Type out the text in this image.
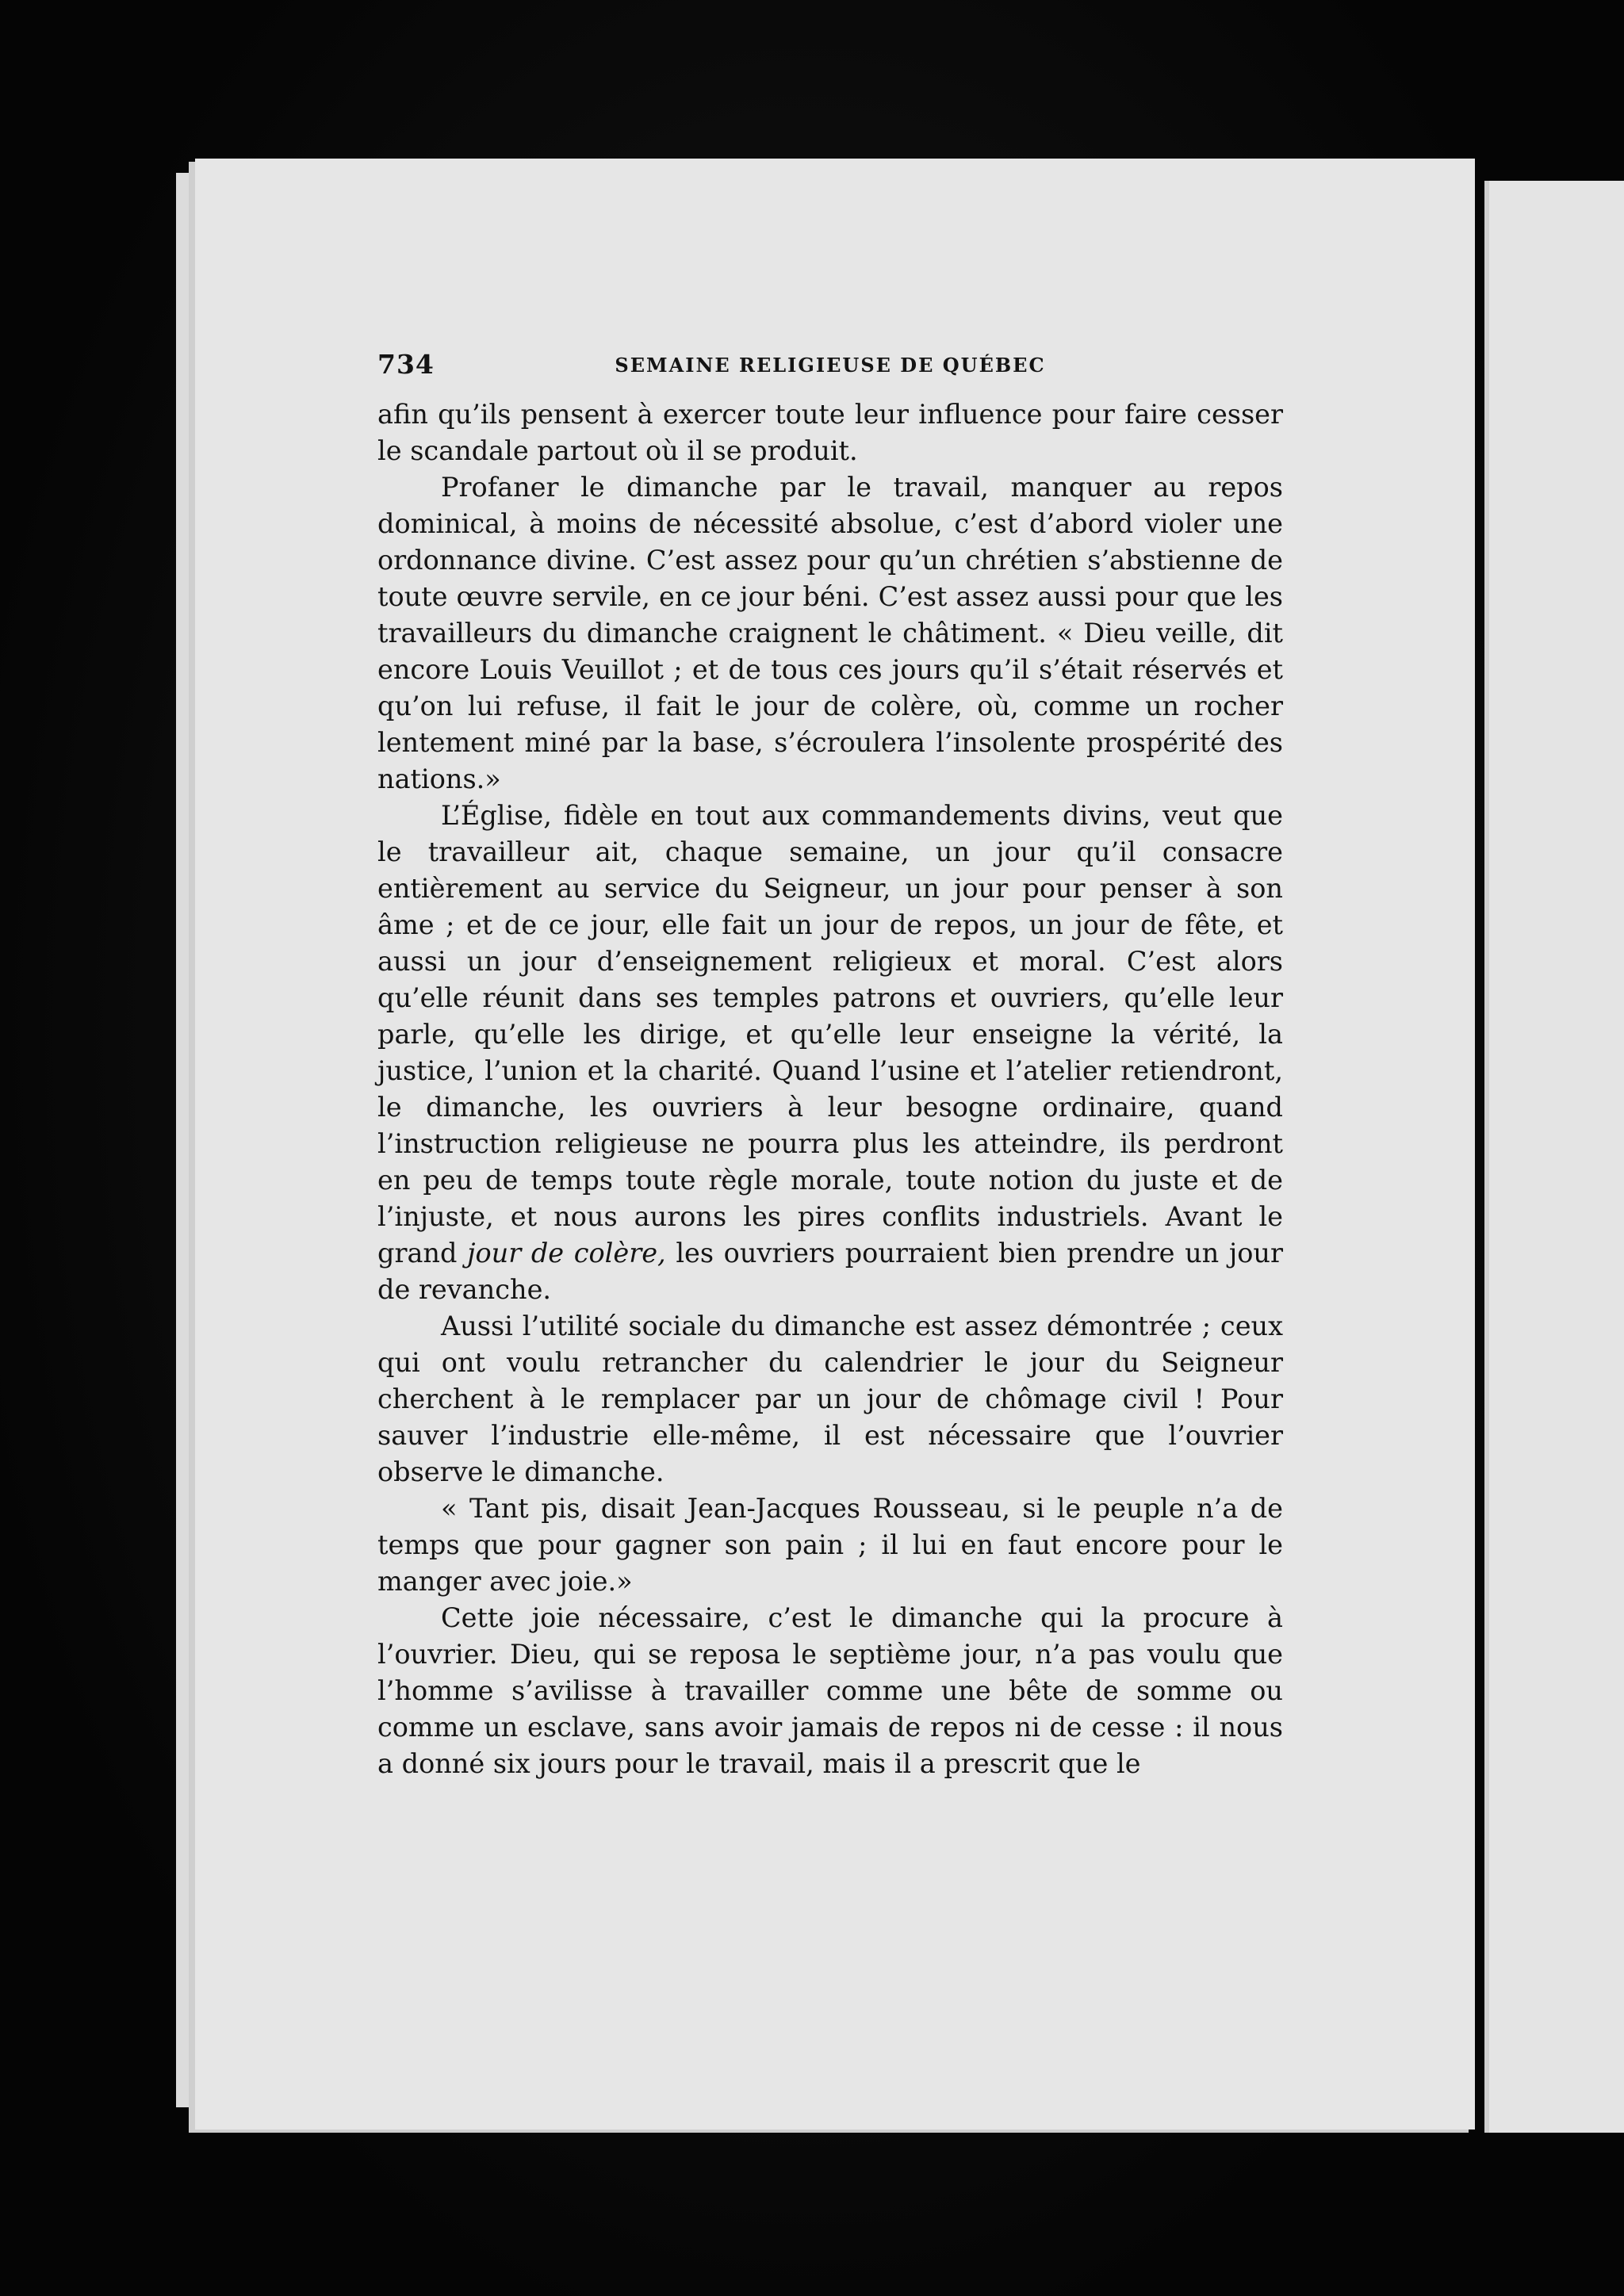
734	SEMAINE RELIGIEUSE DE QUÉBEC

afin qu’ils pensent à exercer toute leur influence pour faire cesser le scandale partout où il se produit.

Profaner le dimanche par le travail, manquer au repos dominical, à moins de nécessité absolue, c’est d’abord violer une ordonnance divine. C’est assez pour qu’un chrétien s’abstienne de toute œuvre servile, en ce jour béni. C’est assez aussi pour que les travailleurs du dimanche craignent le châtiment. « Dieu veille, dit encore Louis Veuillot ; et de tous ces jours qu’il s’était réservés et qu’on lui refuse, il fait le jour de colère, où, comme un rocher lentement miné par la base, s’écroulera l’insolente prospérité des nations.»

L’Église, fidèle en tout aux commandements divins, veut que le travailleur ait, chaque semaine, un jour qu’il consacre entièrement au service du Seigneur, un jour pour penser à son âme ; et de ce jour, elle fait un jour de repos, un jour de fête, et aussi un jour d’enseignement religieux et moral. C’est alors qu’elle réunit dans ses temples patrons et ouvriers, qu’elle leur parle, qu’elle les dirige, et qu’elle leur enseigne la vérité, la justice, l’union et la charité. Quand l’usine et l’atelier retiendront, le dimanche, les ouvriers à leur besogne ordinaire, quand l’instruction religieuse ne pourra plus les atteindre, ils perdront en peu de temps toute règle morale, toute notion du juste et de l’injuste, et nous aurons les pires conflits industriels. Avant le grand jour de colère, les ouvriers pourraient bien prendre un jour de revanche.

Aussi l’utilité sociale du dimanche est assez démontrée ; ceux qui ont voulu retrancher du calendrier le jour du Seigneur cherchent à le remplacer par un jour de chômage civil ! Pour sauver l’industrie elle-même, il est nécessaire que l’ouvrier observe le dimanche.

« Tant pis, disait Jean-Jacques Rousseau, si le peuple n’a de temps que pour gagner son pain ; il lui en faut encore pour le manger avec joie.»

Cette joie nécessaire, c’est le dimanche qui la procure à l’ouvrier. Dieu, qui se reposa le septième jour, n’a pas voulu que l’homme s’avilisse à travailler comme une bête de somme ou comme un esclave, sans avoir jamais de repos ni de cesse : il nous a donné six jours pour le travail, mais il a prescrit que le
